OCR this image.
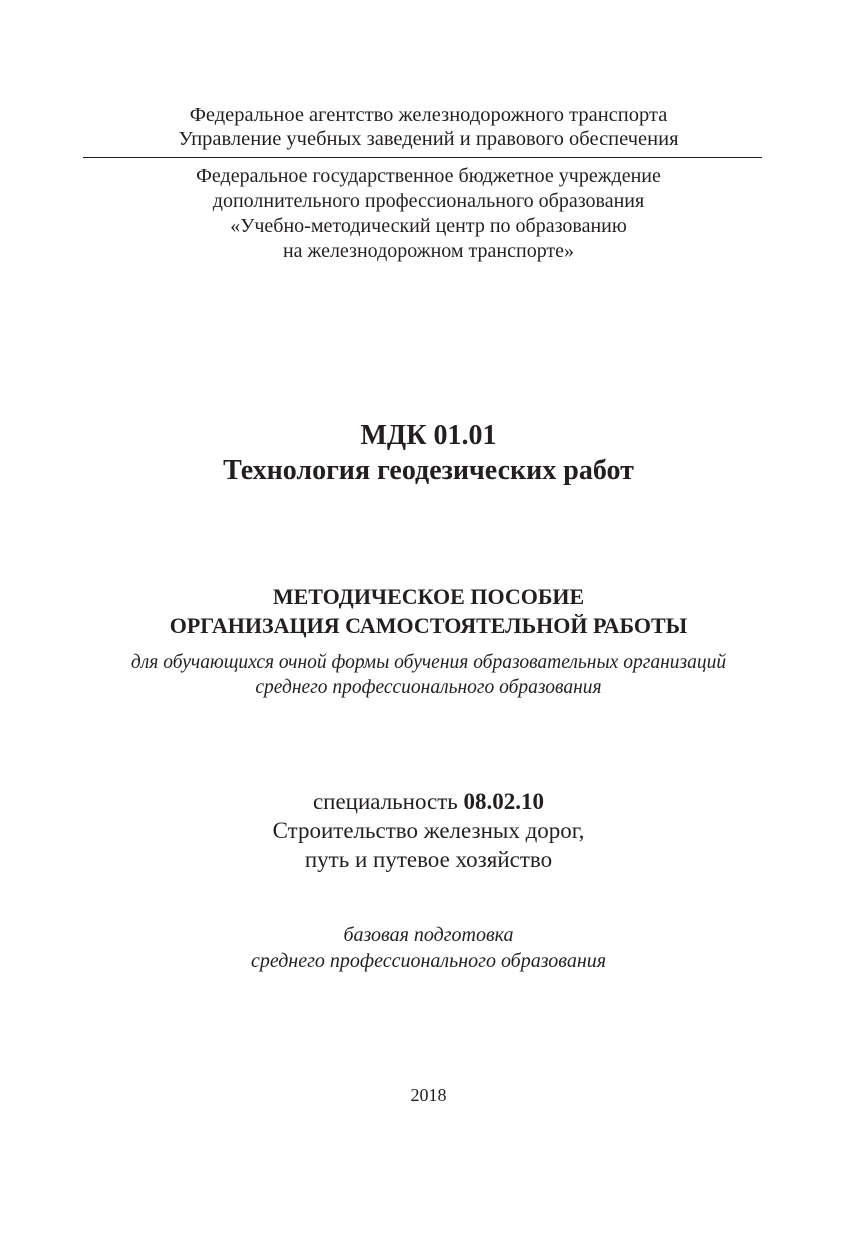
Федеральное агентство железнодорожного транспорта
Управление учебных заведений и правового обеспечения
Федеральное государственное бюджетное учреждение
дополнительного профессионального образования
«Учебно-методический центр по образованию
на железнодорожном транспорте»
МДК 01.01
Технология геодезических работ
МЕТОДИЧЕСКОЕ ПОСОБИЕ
ОРГАНИЗАЦИЯ САМОСТОЯТЕЛЬНОЙ РАБОТЫ
для обучающихся очной формы обучения образовательных организаций
среднего профессионального образования
специальность 08.02.10
Строительство железных дорог,
путь и путевое хозяйство
базовая подготовка
среднего профессионального образования
2018
